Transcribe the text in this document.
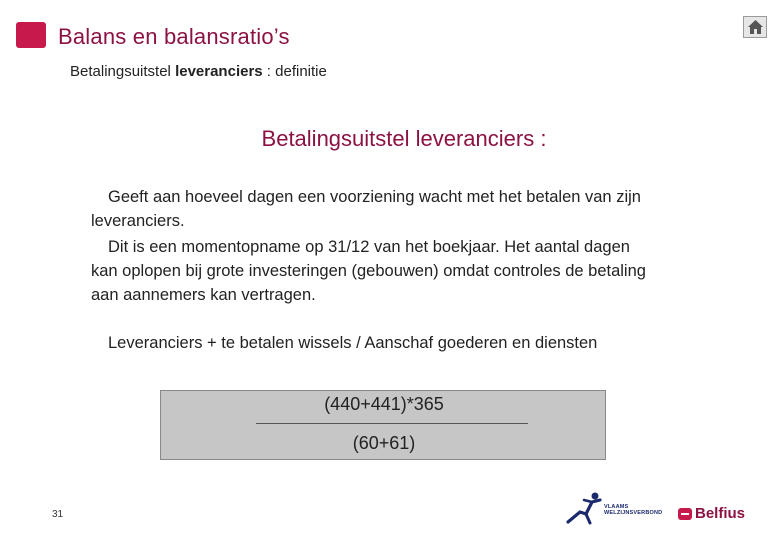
Balans en balansratio’s
Betalingsuitstel leveranciers : definitie
Betalingsuitstel leveranciers :
Geeft aan hoeveel dagen een voorziening wacht met het betalen van zijn
leveranciers.
Dit is een momentopname op 31/12 van het boekjaar. Het aantal dagen
kan oplopen bij grote investeringen (gebouwen) omdat controles de betaling
aan aannemers kan vertragen.
Leveranciers + te betalen wissels / Aanschaf goederen en diensten
(440+441)*365
(60+61)
31
VLAAMS
WELZIJNSVERBOND Belfius
